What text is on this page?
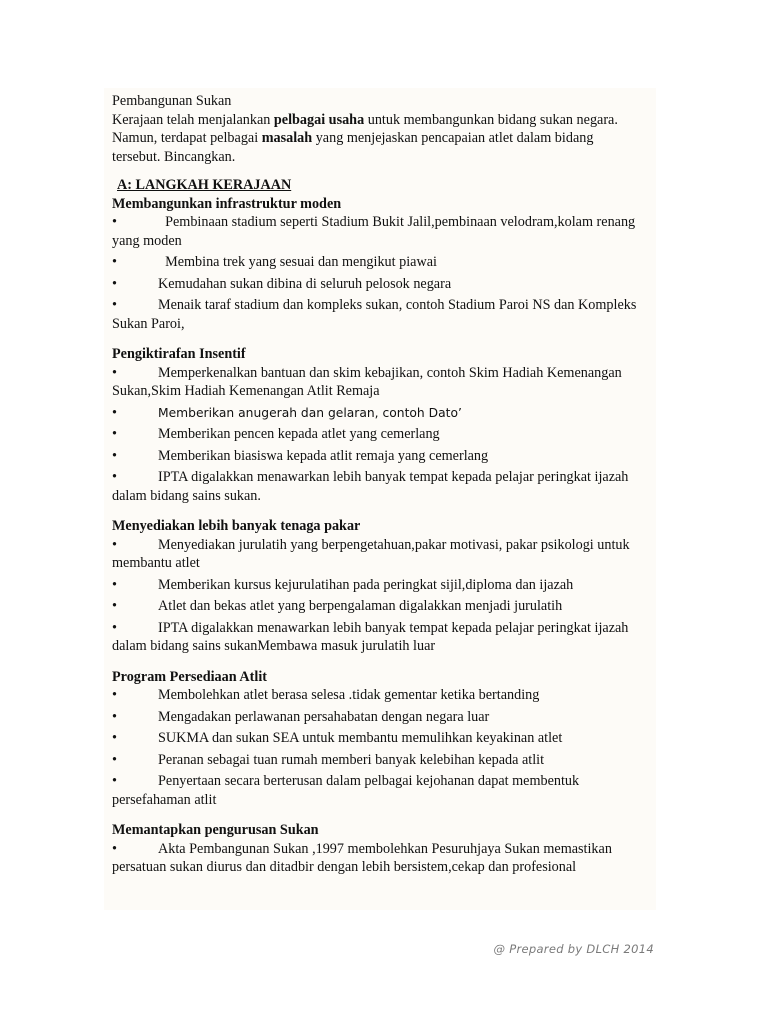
Pembangunan Sukan

Kerajaan telah menjalankan pelbagai usaha untuk membangunkan bidang sukan negara.

Namun, terdapat pelbagai masalah yang menjejaskan pencapaian atlet dalam bidang

tersebut. Bincangkan.

A: LANGKAH KERAJAAN

Membangunkan infrastruktur moden

•  Pembinaan stadium seperti Stadium Bukit Jalil,pembinaan velodram,kolam renang yang moden

•  Membina trek yang sesuai dan mengikut piawai

•Kemudahan sukan dibina di seluruh pelosok negara

•Menaik taraf stadium dan kompleks sukan, contoh Stadium Paroi NS dan Kompleks Sukan Paroi,

Pengiktirafan Insentif

•Memperkenalkan bantuan dan skim kebajikan, contoh Skim Hadiah Kemenangan Sukan,Skim Hadiah Kemenangan Atlit Remaja

•Memberikan anugerah dan gelaran, contoh Dato’

•Memberikan pencen kepada atlet yang cemerlang

•Memberikan biasiswa kepada atlit remaja yang cemerlang

•IPTA digalakkan menawarkan lebih banyak tempat kepada pelajar peringkat ijazah dalam bidang sains sukan.

Menyediakan lebih banyak tenaga pakar

•Menyediakan jurulatih yang berpengetahuan,pakar motivasi, pakar psikologi untuk membantu atlet

•Memberikan kursus kejurulatihan pada peringkat sijil,diploma dan ijazah

•Atlet dan bekas atlet yang berpengalaman digalakkan menjadi jurulatih

•IPTA digalakkan menawarkan lebih banyak tempat kepada pelajar peringkat ijazah dalam bidang sains sukanMembawa masuk jurulatih luar

Program Persediaan Atlit

•Membolehkan atlet berasa selesa .tidak gementar ketika bertanding

•Mengadakan perlawanan persahabatan dengan negara luar

•SUKMA dan sukan SEA untuk membantu memulihkan keyakinan atlet

•Peranan sebagai tuan rumah memberi banyak kelebihan kepada atlit

•Penyertaan secara berterusan dalam pelbagai kejohanan dapat membentuk persefahaman atlit

Memantapkan pengurusan Sukan

•Akta Pembangunan Sukan ,1997 membolehkan Pesuruhjaya Sukan memastikan persatuan sukan diurus dan ditadbir dengan lebih bersistem,cekap dan profesional

@ Prepared by DLCH 2014
